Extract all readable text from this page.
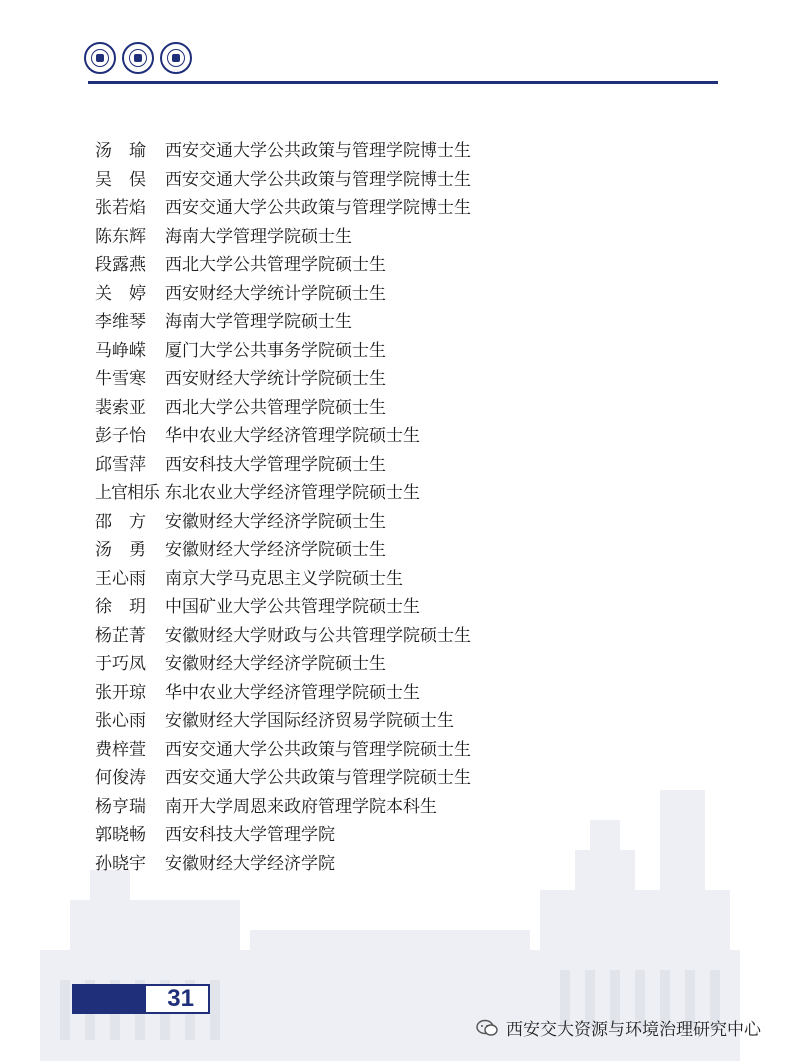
汤　瑜	西安交通大学公共政策与管理学院博士生
吴　俣	西安交通大学公共政策与管理学院博士生
张若焰	西安交通大学公共政策与管理学院博士生
陈东辉	海南大学管理学院硕士生
段露燕	西北大学公共管理学院硕士生
关　婷	西安财经大学统计学院硕士生
李维琴	海南大学管理学院硕士生
马峥嵘	厦门大学公共事务学院硕士生
牛雪寒	西安财经大学统计学院硕士生
裴索亚	西北大学公共管理学院硕士生
彭子怡	华中农业大学经济管理学院硕士生
邱雪萍	西安科技大学管理学院硕士生
上官相乐 东北农业大学经济管理学院硕士生
邵　方	安徽财经大学经济学院硕士生
汤　勇	安徽财经大学经济学院硕士生
王心雨	南京大学马克思主义学院硕士生
徐　玥	中国矿业大学公共管理学院硕士生
杨芷菁	安徽财经大学财政与公共管理学院硕士生
于巧凤	安徽财经大学经济学院硕士生
张开琼	华中农业大学经济管理学院硕士生
张心雨	安徽财经大学国际经济贸易学院硕士生
费梓萱	西安交通大学公共政策与管理学院硕士生
何俊涛	西安交通大学公共政策与管理学院硕士生
杨亨瑞	南开大学周恩来政府管理学院本科生
郭晓畅	西安科技大学管理学院
孙晓宇	安徽财经大学经济学院
31
西安交大资源与环境治理研究中心
